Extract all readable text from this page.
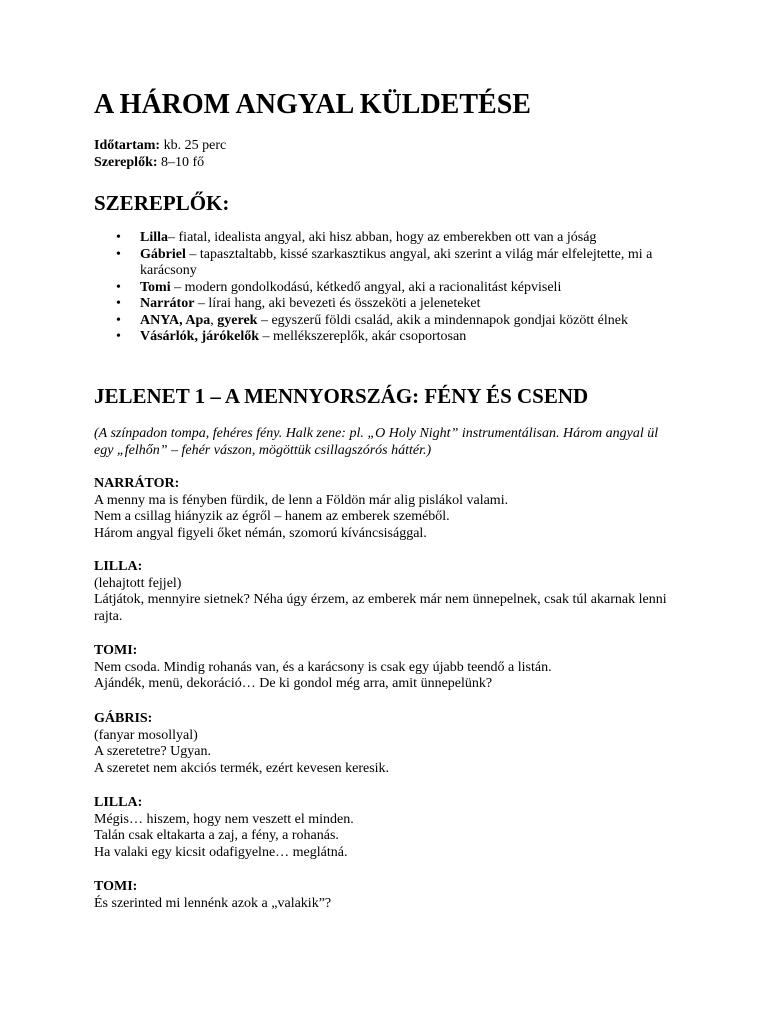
A HÁROM ANGYAL KÜLDETÉSE
Időtartam: kb. 25 perc
Szereplők: 8–10 fő
SZEREPLŐK:
• Lilla– fiatal, idealista angyal, aki hisz abban, hogy az emberekben ott van a jóság
• Gábriel – tapasztaltabb, kissé szarkasztikus angyal, aki szerint a világ már elfelejtette, mi a karácsony
• Tomi – modern gondolkodású, kétkedő angyal, aki a racionalitást képviseli
• Narrátor – lírai hang, aki bevezeti és összeköti a jeleneteket
• ANYA, Apa, gyerek – egyszerű földi család, akik a mindennapok gondjai között élnek
• Vásárlók, járókelők – mellékszereplők, akár csoportosan
JELENET 1 – A MENNYORSZÁG: FÉNY ÉS CSEND
(A színpadon tompa, fehéres fény. Halk zene: pl. „O Holy Night” instrumentálisan. Három angyal ül egy „felhőn” – fehér vászon, mögöttük csillagszórós háttér.)
NARRÁTOR:
A menny ma is fényben fürdik, de lenn a Földön már alig pislákol valami.
Nem a csillag hiányzik az égről – hanem az emberek szeméből.
Három angyal figyeli őket némán, szomorú kíváncsisággal.
LILLA:
(lehajtott fejjel)
Látjátok, mennyire sietnek? Néha úgy érzem, az emberek már nem ünnepelnek, csak túl akarnak lenni rajta.
TOMI:
Nem csoda. Mindig rohanás van, és a karácsony is csak egy újabb teendő a listán.
Ajándék, menü, dekoráció… De ki gondol még arra, amit ünnepelünk?
GÁBRIS:
(fanyar mosollyal)
A szeretetre? Ugyan.
A szeretet nem akciós termék, ezért kevesen keresik.
LILLA:
Mégis… hiszem, hogy nem veszett el minden.
Talán csak eltakarta a zaj, a fény, a rohanás.
Ha valaki egy kicsit odafigyelne… meglátná.
TOMI:
És szerinted mi lennénk azok a „valakik”?
